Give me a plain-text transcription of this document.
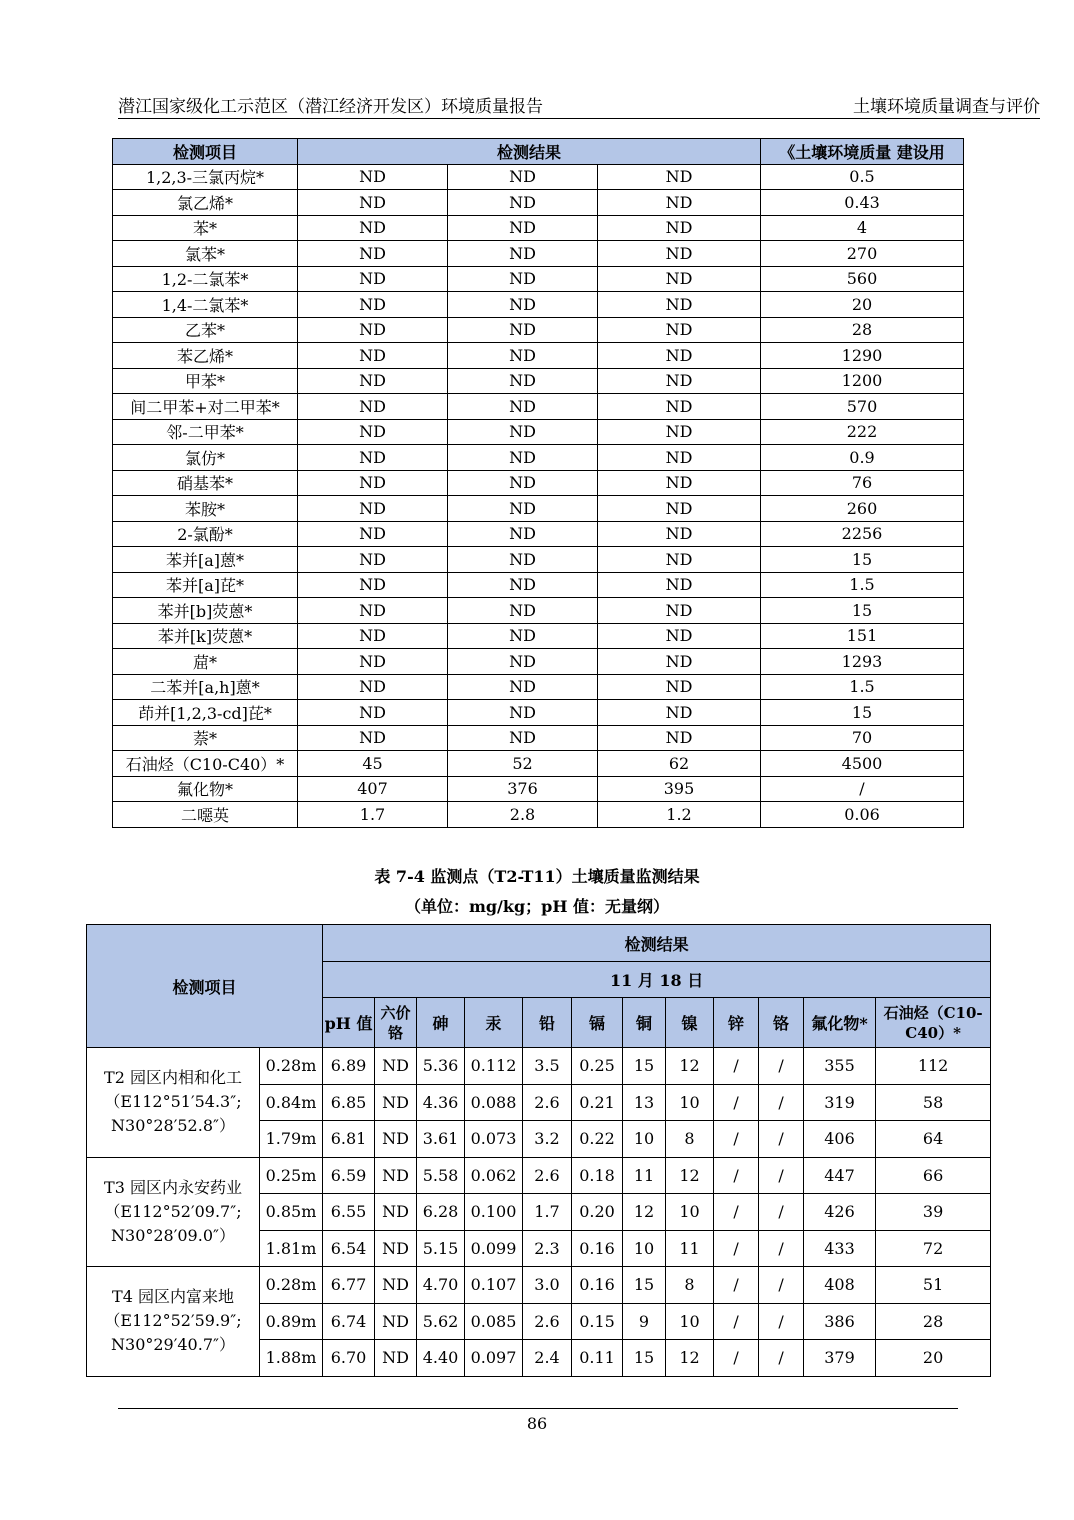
潜江国家级化工示范区（潜江经济开发区）环境质量报告	土壤环境质量调查与评价
检测项目	检测结果			《土壤环境质量 建设用
1,2,3-三氯丙烷*	ND	ND	ND	0.5
氯乙烯*	ND	ND	ND	0.43
苯*	ND	ND	ND	4
氯苯*	ND	ND	ND	270
1,2-二氯苯*	ND	ND	ND	560
1,4-二氯苯*	ND	ND	ND	20
乙苯*	ND	ND	ND	28
苯乙烯*	ND	ND	ND	1290
甲苯*	ND	ND	ND	1200
间二甲苯+对二甲苯*	ND	ND	ND	570
邻-二甲苯*	ND	ND	ND	222
氯仿*	ND	ND	ND	0.9
硝基苯*	ND	ND	ND	76
苯胺*	ND	ND	ND	260
2-氯酚*	ND	ND	ND	2256
苯并[a]蒽*	ND	ND	ND	15
苯并[a]芘*	ND	ND	ND	1.5
苯并[b]荧蒽*	ND	ND	ND	15
苯并[k]荧蒽*	ND	ND	ND	151
䓛*	ND	ND	ND	1293
二苯并[a,h]蒽*	ND	ND	ND	1.5
茚并[1,2,3-cd]芘*	ND	ND	ND	15
萘*	ND	ND	ND	70
石油烃（C10-C40）*	45	52	62	4500
氟化物*	407	376	395	/
二噁英	1.7	2.8	1.2	0.06
表 7-4 监测点（T2-T11）土壤质量监测结果
（单位：mg/kg；pH 值：无量纲）
检测项目		检测结果											
		11 月 18 日											
		pH 值	六价铬	砷	汞	铅	镉	铜	镍	锌	铬	氟化物*	石油烃（C10-C40）*

T2 园区内相和化工
（E112°51′54.3″;
N30°28′52.8″）	0.28m	6.89	ND	5.36	0.112	3.5	0.25	15	12	/	/	355	112
	0.84m	6.85	ND	4.36	0.088	2.6	0.21	13	10	/	/	319	58
	1.79m	6.81	ND	3.61	0.073	3.2	0.22	10	8	/	/	406	64

T3 园区内永安药业
（E112°52′09.7″;
N30°28′09.0″）	0.25m	6.59	ND	5.58	0.062	2.6	0.18	11	12	/	/	447	66
	0.85m	6.55	ND	6.28	0.100	1.7	0.20	12	10	/	/	426	39
	1.81m	6.54	ND	5.15	0.099	2.3	0.16	10	11	/	/	433	72

T4 园区内富来地
（E112°52′59.9″;
N30°29′40.7″）	0.28m	6.77	ND	4.70	0.107	3.0	0.16	15	8	/	/	408	51
	0.89m	6.74	ND	5.62	0.085	2.6	0.15	9	10	/	/	386	28
	1.88m	6.70	ND	4.40	0.097	2.4	0.11	15	12	/	/	379	20
86
